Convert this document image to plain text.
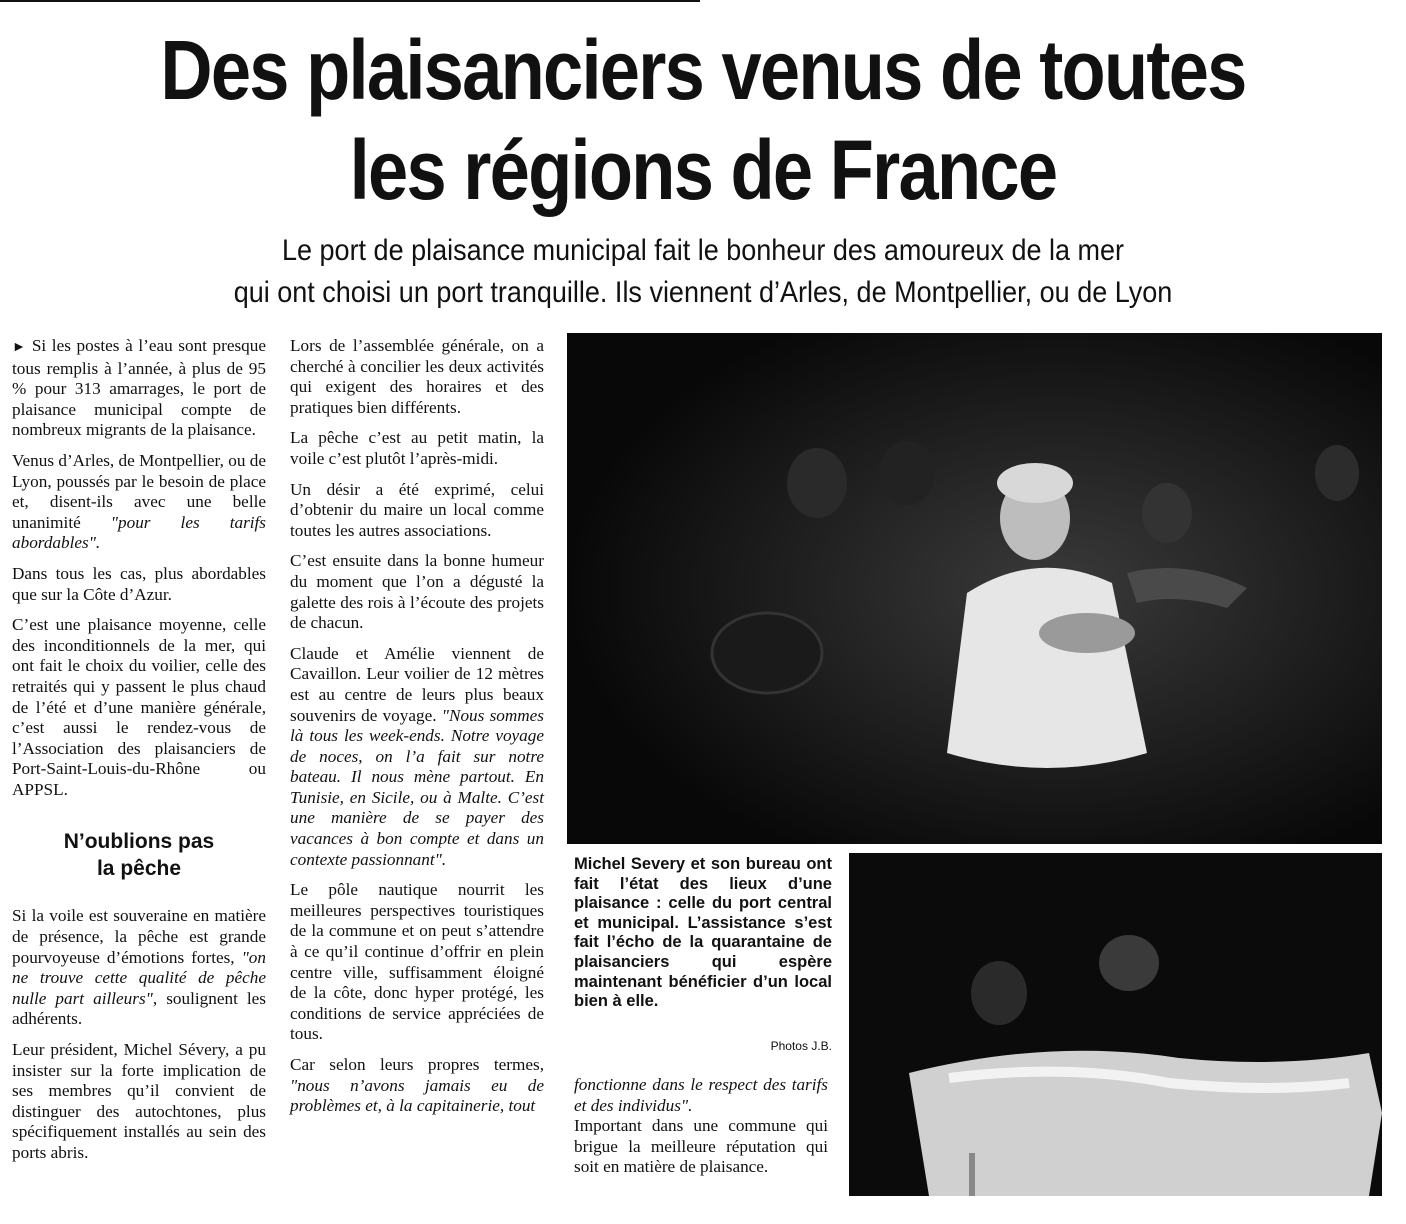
Des plaisanciers venus de toutes
les régions de France
Le port de plaisance municipal fait le bonheur des amoureux de la mer
qui ont choisi un port tranquille. Ils viennent d’Arles, de Montpellier, ou de Lyon

► Si les postes à l’eau sont presque tous remplis à l’année, à plus de 95 % pour 313 amarrages, le port de plaisance municipal compte de nombreux migrants de la plaisance.

Venus d’Arles, de Montpellier, ou de Lyon, poussés par le besoin de place et, disent-ils avec une belle unanimité "pour les tarifs abordables".

Dans tous les cas, plus abordables que sur la Côte d’Azur.

C’est une plaisance moyenne, celle des inconditionnels de la mer, qui ont fait le choix du voilier, celle des retraités qui y passent le plus chaud de l’été et d’une manière générale, c’est aussi le rendez-vous de l’Association des plaisanciers de Port-Saint-Louis-du-Rhône ou APPSL.

N’oublions pas
la pêche

Si la voile est souveraine en matière de présence, la pêche est grande pourvoyeuse d’émotions fortes, "on ne trouve cette qualité de pêche nulle part ailleurs", soulignent les adhérents.

Leur président, Michel Sévery, a pu insister sur la forte implication de ses membres qu’il convient de distinguer des autochtones, plus spécifiquement installés au sein des ports abris.

Lors de l’assemblée générale, on a cherché à concilier les deux activités qui exigent des horaires et des pratiques bien différents.

La pêche c’est au petit matin, la voile c’est plutôt l’après-midi.

Un désir a été exprimé, celui d’obtenir du maire un local comme toutes les autres associations.

C’est ensuite dans la bonne humeur du moment que l’on a dégusté la galette des rois à l’écoute des projets de chacun.

Claude et Amélie viennent de Cavaillon. Leur voilier de 12 mètres est au centre de leurs plus beaux souvenirs de voyage. "Nous sommes là tous les week-ends. Notre voyage de noces, on l’a fait sur notre bateau. Il nous mène partout. En Tunisie, en Sicile, ou à Malte. C’est une manière de se payer des vacances à bon compte et dans un contexte passionnant".

Le pôle nautique nourrit les meilleures perspectives touristiques de la commune et on peut s’attendre à ce qu’il continue d’offrir en plein centre ville, suffisamment éloigné de la côte, donc hyper protégé, les conditions de service appréciées de tous.

Car selon leurs propres termes, "nous n’avons jamais eu de problèmes et, à la capitainerie, tout

Michel Severy et son bureau ont fait l’état des lieux d’une plaisance : celle du port central et municipal. L’assistance s’est fait l’écho de la quarantaine de plaisanciers qui espère maintenant bénéficier d’un local bien à elle.
Photos J.B.

fonctionne dans le respect des tarifs et des individus".

Important dans une commune qui brigue la meilleure réputation qui soit en matière de plaisance.
